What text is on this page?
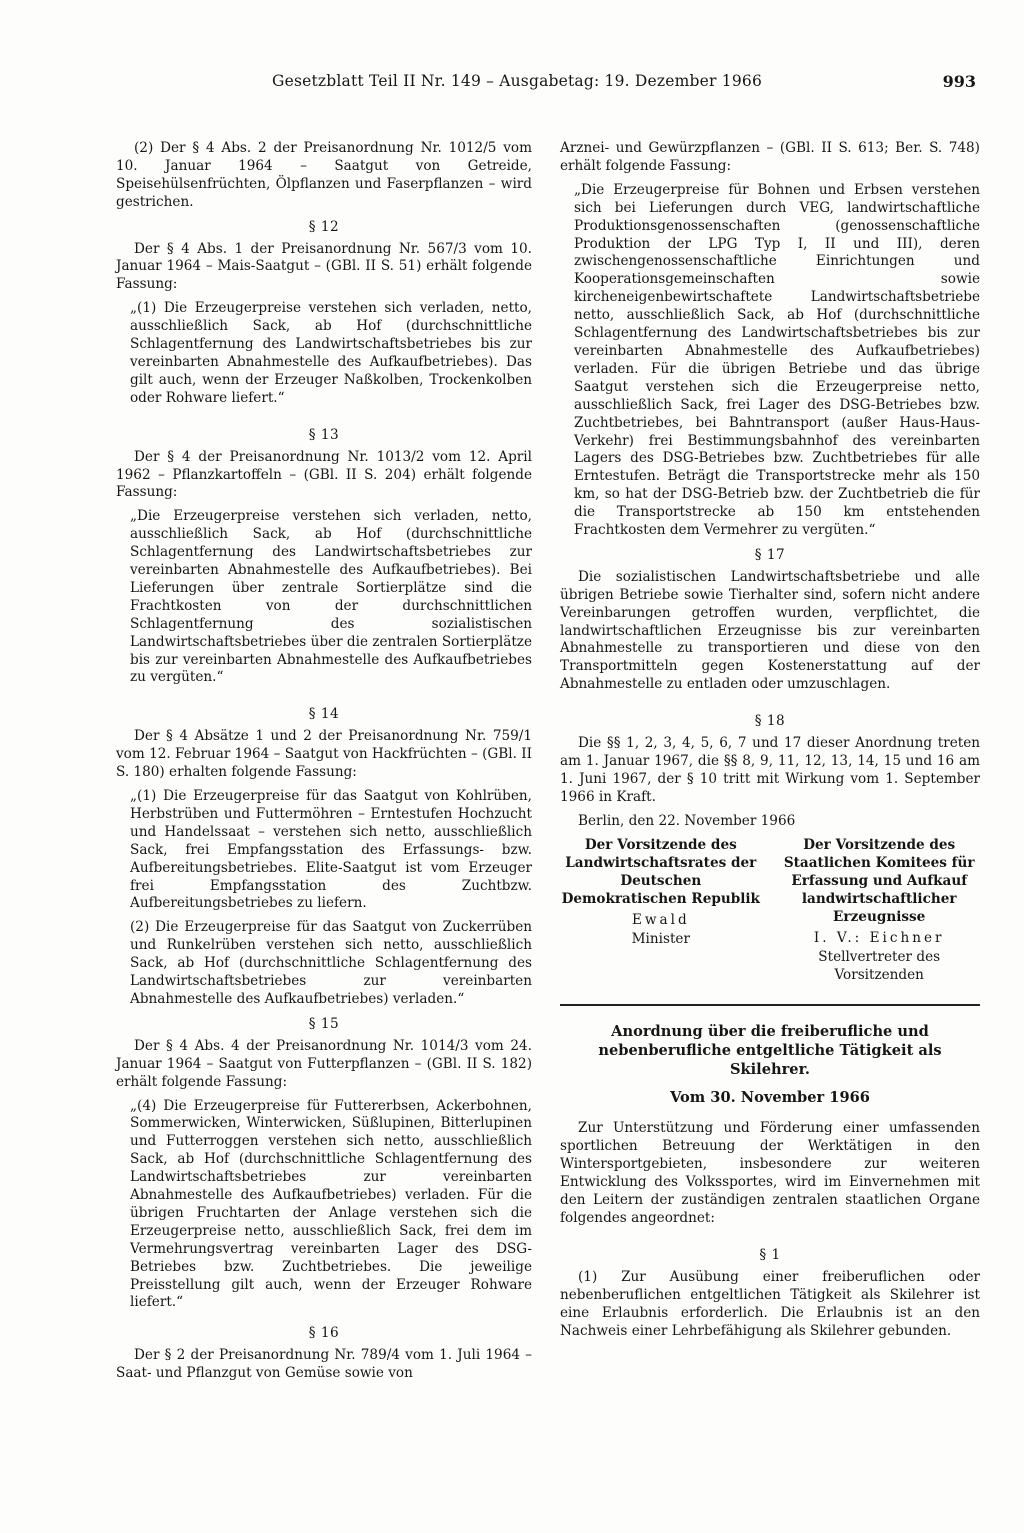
Gesetzblatt Teil II Nr. 149 – Ausgabetag: 19. Dezember 1966	993

(2) Der § 4 Abs. 2 der Preisanordnung Nr. 1012/5 vom 10. Januar 1964 – Saatgut von Getreide, Speisehülsenfrüchten, Ölpflanzen und Faserpflanzen – wird gestrichen.

§ 12

Der § 4 Abs. 1 der Preisanordnung Nr. 567/3 vom 10. Januar 1964 – Mais-Saatgut – (GBl. II S. 51) erhält folgende Fassung:

„(1) Die Erzeugerpreise verstehen sich verladen, netto, ausschließlich Sack, ab Hof (durchschnittliche Schlagentfernung des Landwirtschaftsbetriebes bis zur vereinbarten Abnahmestelle des Aufkaufbetriebes). Das gilt auch, wenn der Erzeuger Naßkolben, Trockenkolben oder Rohware liefert.“

§ 13

Der § 4 der Preisanordnung Nr. 1013/2 vom 12. April 1962 – Pflanzkartoffeln – (GBl. II S. 204) erhält folgende Fassung:

„Die Erzeugerpreise verstehen sich verladen, netto, ausschließlich Sack, ab Hof (durchschnittliche Schlagentfernung des Landwirtschaftsbetriebes zur vereinbarten Abnahmestelle des Aufkaufbetriebes). Bei Lieferungen über zentrale Sortierplätze sind die Frachtkosten von der durchschnittlichen Schlagentfernung des sozialistischen Landwirtschaftsbetriebes über die zentralen Sortierplätze bis zur vereinbarten Abnahmestelle des Aufkaufbetriebes zu vergüten.“

§ 14

Der § 4 Absätze 1 und 2 der Preisanordnung Nr. 759/1 vom 12. Februar 1964 – Saatgut von Hackfrüchten – (GBl. II S. 180) erhalten folgende Fassung:

„(1) Die Erzeugerpreise für das Saatgut von Kohlrüben, Herbstrüben und Futtermöhren – Erntestufen Hochzucht und Handelssaat – verstehen sich netto, ausschließlich Sack, frei Empfangsstation des Erfassungs- bzw. Aufbereitungsbetriebes. Elite-Saatgut ist vom Erzeuger frei Empfangsstation des Zuchtbzw. Aufbereitungsbetriebes zu liefern.

(2) Die Erzeugerpreise für das Saatgut von Zuckerrüben und Runkelrüben verstehen sich netto, ausschließlich Sack, ab Hof (durchschnittliche Schlagentfernung des Landwirtschaftsbetriebes zur vereinbarten Abnahmestelle des Aufkaufbetriebes) verladen.“

§ 15

Der § 4 Abs. 4 der Preisanordnung Nr. 1014/3 vom 24. Januar 1964 – Saatgut von Futterpflanzen – (GBl. II S. 182) erhält folgende Fassung:

„(4) Die Erzeugerpreise für Futtererbsen, Ackerbohnen, Sommerwicken, Winterwicken, Süßlupinen, Bitterlupinen und Futterroggen verstehen sich netto, ausschließlich Sack, ab Hof (durchschnittliche Schlagentfernung des Landwirtschaftsbetriebes zur vereinbarten Abnahmestelle des Aufkaufbetriebes) verladen. Für die übrigen Fruchtarten der Anlage verstehen sich die Erzeugerpreise netto, ausschließlich Sack, frei dem im Vermehrungsvertrag vereinbarten Lager des DSG-Betriebes bzw. Zuchtbetriebes. Die jeweilige Preisstellung gilt auch, wenn der Erzeuger Rohware liefert.“

§ 16

Der § 2 der Preisanordnung Nr. 789/4 vom 1. Juli 1964 – Saat- und Pflanzgut von Gemüse sowie von

Arznei- und Gewürzpflanzen – (GBl. II S. 613; Ber. S. 748) erhält folgende Fassung:

„Die Erzeugerpreise für Bohnen und Erbsen verstehen sich bei Lieferungen durch VEG, landwirtschaftliche Produktionsgenossenschaften (genossenschaftliche Produktion der LPG Typ I, II und III), deren zwischengenossenschaftliche Einrichtungen und Kooperationsgemeinschaften sowie kircheneigenbewirtschaftete Landwirtschaftsbetriebe netto, ausschließlich Sack, ab Hof (durchschnittliche Schlagentfernung des Landwirtschaftsbetriebes bis zur vereinbarten Abnahmestelle des Aufkaufbetriebes) verladen. Für die übrigen Betriebe und das übrige Saatgut verstehen sich die Erzeugerpreise netto, ausschließlich Sack, frei Lager des DSG-Betriebes bzw. Zuchtbetriebes, bei Bahntransport (außer Haus-Haus-Verkehr) frei Bestimmungsbahnhof des vereinbarten Lagers des DSG-Betriebes bzw. Zuchtbetriebes für alle Erntestufen. Beträgt die Transportstrecke mehr als 150 km, so hat der DSG-Betrieb bzw. der Zuchtbetrieb die für die Transportstrecke ab 150 km entstehenden Frachtkosten dem Vermehrer zu vergüten.“

§ 17

Die sozialistischen Landwirtschaftsbetriebe und alle übrigen Betriebe sowie Tierhalter sind, sofern nicht andere Vereinbarungen getroffen wurden, verpflichtet, die landwirtschaftlichen Erzeugnisse bis zur vereinbarten Abnahmestelle zu transportieren und diese von den Transportmitteln gegen Kostenerstattung auf der Abnahmestelle zu entladen oder umzuschlagen.

§ 18

Die §§ 1, 2, 3, 4, 5, 6, 7 und 17 dieser Anordnung treten am 1. Januar 1967, die §§ 8, 9, 11, 12, 13, 14, 15 und 16 am 1. Juni 1967, der § 10 tritt mit Wirkung vom 1. September 1966 in Kraft.

Berlin, den 22. November 1966

Der Vorsitzende des Landwirtschaftsrates der Deutschen Demokratischen Republik
Ewald
Minister
Der Vorsitzende des Staatlichen Komitees für Erfassung und Aufkauf landwirtschaftlicher Erzeugnisse
I. V.: Eichner
Stellvertreter des Vorsitzenden
Anordnung über die freiberufliche und nebenberufliche entgeltliche Tätigkeit als Skilehrer.
Vom 30. November 1966

Zur Unterstützung und Förderung einer umfassenden sportlichen Betreuung der Werktätigen in den Wintersportgebieten, insbesondere zur weiteren Entwicklung des Volkssportes, wird im Einvernehmen mit den Leitern der zuständigen zentralen staatlichen Organe folgendes angeordnet:

§ 1

(1) Zur Ausübung einer freiberuflichen oder nebenberuflichen entgeltlichen Tätigkeit als Skilehrer ist eine Erlaubnis erforderlich. Die Erlaubnis ist an den Nachweis einer Lehrbefähigung als Skilehrer gebunden.
